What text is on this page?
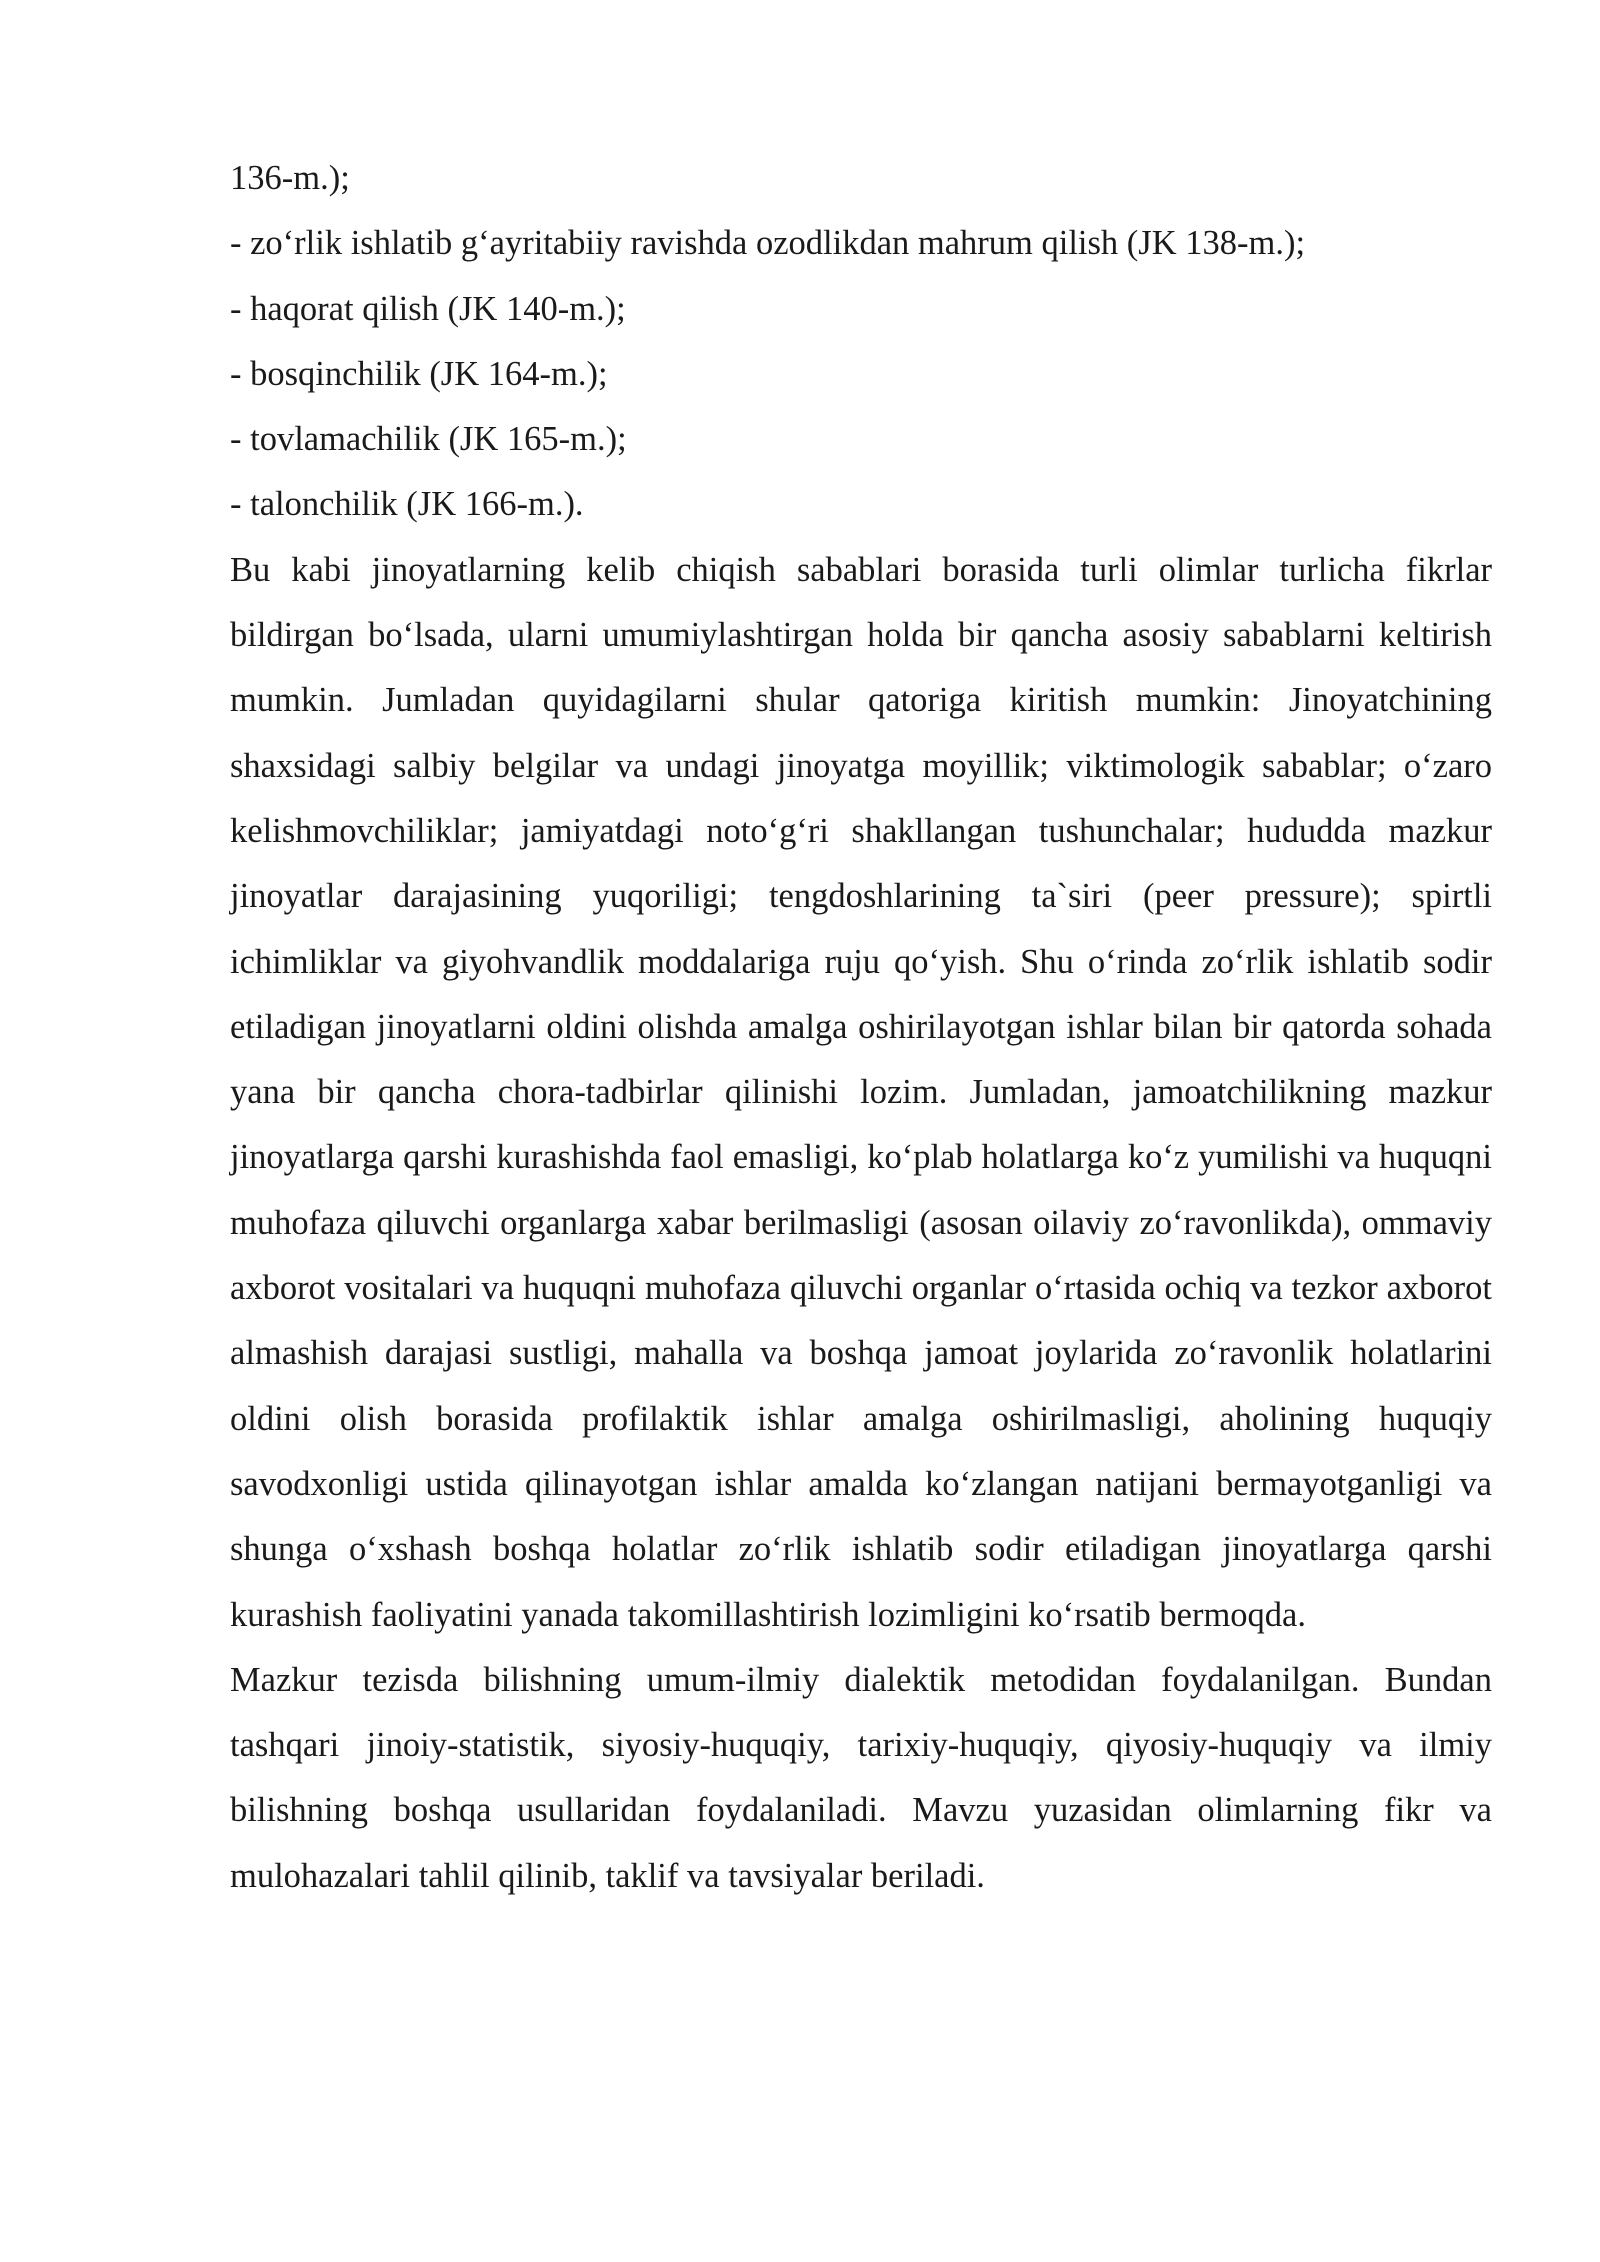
136-m.);

- zoʻrlik ishlatib gʻayritabiiy ravishda ozodlikdan mahrum qilish (JK 138-m.);

- haqorat qilish (JK 140-m.);

- bosqinchilik (JK 164-m.);

- tovlamachilik (JK 165-m.);

- talonchilik (JK 166-m.).

Bu kabi jinoyatlarning kelib chiqish sabablari borasida turli olimlar turlicha fikrlar bildirgan boʻlsada, ularni umumiylashtirgan holda bir qancha asosiy sabablarni keltirish mumkin. Jumladan quyidagilarni shular qatoriga kiritish mumkin: Jinoyatchining shaxsidagi salbiy belgilar va undagi jinoyatga moyillik; viktimologik sabablar; oʻzaro kelishmovchiliklar; jamiyatdagi notoʻgʻri shakllangan tushunchalar; hududda mazkur jinoyatlar darajasining yuqoriligi; tengdoshlarining ta`siri (peer pressure); spirtli ichimliklar va giyohvandlik moddalariga ruju qoʻyish. Shu oʻrinda zoʻrlik ishlatib sodir etiladigan jinoyatlarni oldini olishda amalga oshirilayotgan ishlar bilan bir qatorda sohada yana bir qancha chora-tadbirlar qilinishi lozim. Jumladan, jamoatchilikning mazkur jinoyatlarga qarshi kurashishda faol emasligi, koʻplab holatlarga koʻz yumilishi va huquqni muhofaza qiluvchi organlarga xabar berilmasligi (asosan oilaviy zoʻravonlikda), ommaviy axborot vositalari va huquqni muhofaza qiluvchi organlar oʻrtasida ochiq va tezkor axborot almashish darajasi sustligi, mahalla va boshqa jamoat joylarida zoʻravonlik holatlarini oldini olish borasida profilaktik ishlar amalga oshirilmasligi, aholining huquqiy savodxonligi ustida qilinayotgan ishlar amalda koʻzlangan natijani bermayotganligi va shunga oʻxshash boshqa holatlar zoʻrlik ishlatib sodir etiladigan jinoyatlarga qarshi kurashish faoliyatini yanada takomillashtirish lozimligini koʻrsatib bermoqda.

Mazkur tezisda bilishning umum-ilmiy dialektik metodidan foydalanilgan. Bundan tashqari jinoiy-statistik, siyosiy-huquqiy, tarixiy-huquqiy, qiyosiy-huquqiy va ilmiy bilishning boshqa usullaridan foydalaniladi. Mavzu yuzasidan olimlarning fikr va mulohazalari tahlil qilinib, taklif va tavsiyalar beriladi.
